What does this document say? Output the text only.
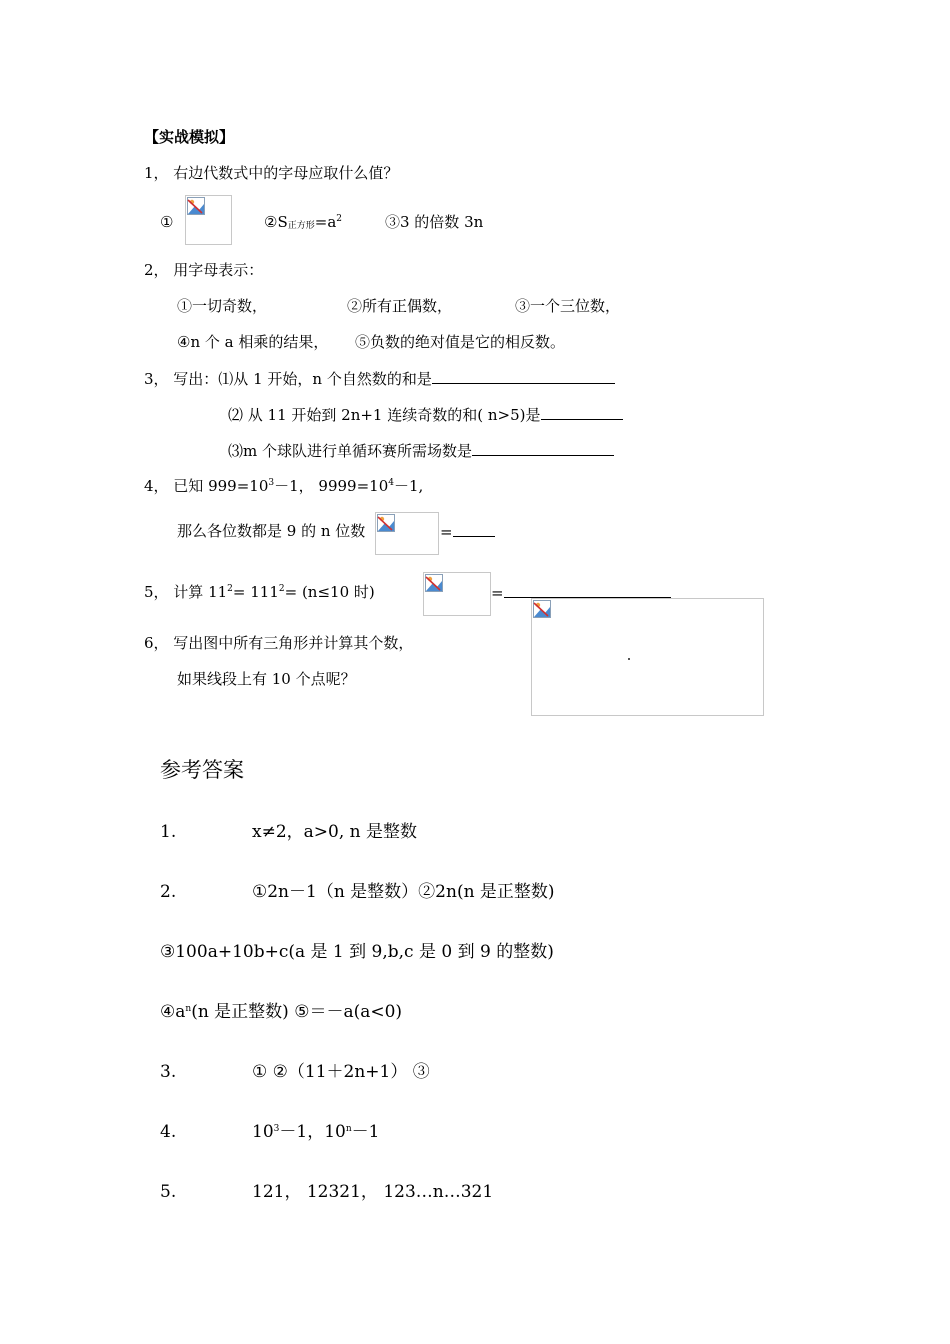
【实战模拟】
1， 右边代数式中的字母应取什么值？
①	$②S_{正方形}=a^2$	③3 的倍数 3n
2， 用字母表示：
①一切奇数，	②所有正偶数，	③一个三位数，
④n 个 a 相乘的结果， ⑤负数的绝对值是它的相反数。
3， 写出：⑴从 1 开始，n 个自然数的和是
⑵ 从 11 开始到 2n+1 连续奇数的和( n>5)是
⑶m 个球队进行单循环赛所需场数是
4， 已知 $999=10^3-1$， $9999=10^4-1$,
那么各位数都是 9 的 n 位数	=
5， 计算 $11^2= 111^2= (n\le 10$ 时)	=
6， 写出图中所有三角形并计算其个数，
如果线段上有 10 个点呢？
参考答案
1.	x≠2，a>0, n 是整数
2.	①2n－1（n 是整数）②2n(n 是正整数)
③100a+10b+c(a 是 1 到 9,b,c 是 0 到 9 的整数)
$④a^n(n$ 是正整数) ⑤＝－a(a<0)
3.	① ②（11＋2n+1） ③
4.	$10^3-1$，$10^n-1$
5.	121， 12321， 123…n…321
